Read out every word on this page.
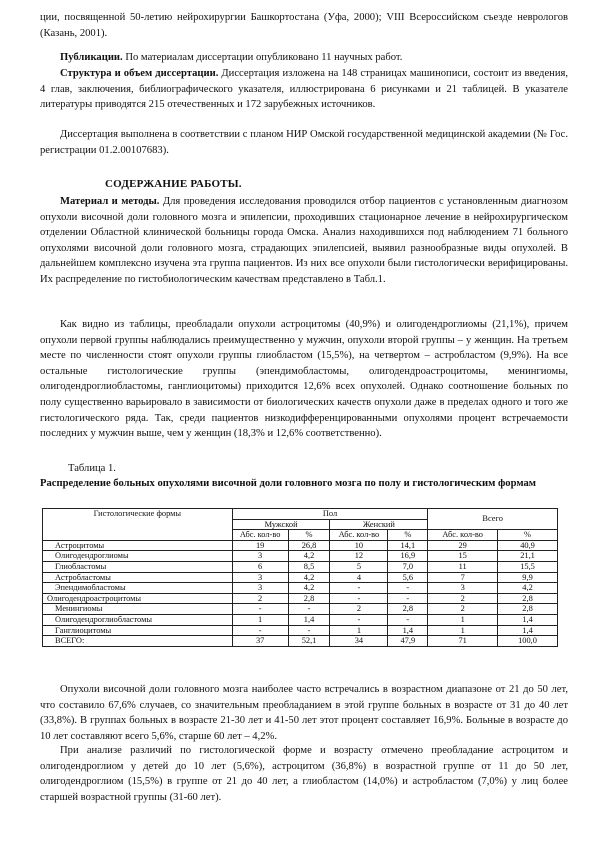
ции, посвященной 50-летию нейрохирургии Башкортостана (Уфа, 2000); VIII Всероссийском съезде неврологов (Казань, 2001).

Публикации. По материалам диссертации опубликовано 11 научных работ.

Структура и объем диссертации. Диссертация изложена на 148 страницах машинописи, состоит из введения, 4 глав, заключения, библиографического указателя, иллюстрирована 6 рисунками и 21 таблицей. В указателе литературы приводятся 215 отечественных и 172 зарубежных источников.

Диссертация выполнена в соответствии с планом НИР Омской государственной медицинской академии (№ Гос. регистрации 01.2.00107683).

СОДЕРЖАНИЕ РАБОТЫ.

Материал и методы. Для проведения исследования проводился отбор пациентов с установленным диагнозом опухоли височной доли головного мозга и эпилепсии, проходивших стационарное лечение в нейрохирургическом отделении Областной клинической больницы города Омска. Анализ находившихся под наблюдением 71 больного опухолями височной доли головного мозга, страдающих эпилепсией, выявил разнообразные виды опухолей. В дальнейшем комплексно изучена эта группа пациентов. Из них все опухоли были гистологически верифицированы. Их распределение по гистобиологическим качествам представлено в Табл.1.

Как видно из таблицы, преобладали опухоли астроцитомы (40,9%) и олигодендроглиомы (21,1%), причем опухоли первой группы наблюдались преимущественно у мужчин, опухоли второй группы – у женщин. На третьем месте по численности стоят опухоли группы глиобластом (15,5%), на четвертом – астробластом (9,9%). На все остальные гистологические группы (эпендимобластомы, олигодендроастроцитомы, менингиомы, олигодендроглиобластомы, ганглиоцитомы) приходится 12,6% всех опухолей. Однако соотношение больных по полу существенно варьировало в зависимости от биологических качеств опухоли даже в пределах одного и того же гистологического ряда. Так, среди пациентов низкодифференцированными опухолями процент встречаемости последних у мужчин выше, чем у женщин (18,3% и 12,6% соответственно).

Таблица 1.
Распределение больных опухолями височной доли головного мозга по полу и гистологическим формам
Гистологические формы	Пол				Всего	
	Мужской		Женский			
	Абс. кол-во	%	Абс. кол-во	%	Абс. кол-во	%
Астроцитомы	19	26,8	10	14,1	29	40,9
Олигодендроглиомы	3	4,2	12	16,9	15	21,1
Глиобластомы	6	8,5	5	7,0	11	15,5
Астробластомы	3	4,2	4	5,6	7	9,9
Эпендимобластомы	3	4,2	-	-	3	4,2
Олигодендроастроцитомы	2	2,8	-	-	2	2,8
Менингиомы	-	-	2	2,8	2	2,8
Олигодендроглиобластомы	1	1,4	-	-	1	1,4
Ганглиоцитомы	-	-	1	1,4	1	1,4
ВСЕГО:	37	52,1	34	47,9	71	100,0

Опухоли височной доли головного мозга наиболее часто встречались в возрастном диапазоне от 21 до 50 лет, что составило 67,6% случаев, со значительным преобладанием в этой группе больных в возрасте от 31 до 40 лет (33,8%). В группах больных в возрасте 21-30 лет и 41-50 лет этот процент составляет 16,9%. Больные в возрасте до 10 лет составляют всего 5,6%, старше 60 лет – 4,2%.

При анализе различий по гистологической форме и возрасту отмечено преобладание астроцитом и олигодендроглиом у детей до 10 лет (5,6%), астроцитом (36,8%) в возрастной группе от 11 до 50 лет, олигодендроглиом (15,5%) в группе от 21 до 40 лет, а глиобластом (14,0%) и астробластом (7,0%) у лиц более старшей возрастной группы (31-60 лет).
